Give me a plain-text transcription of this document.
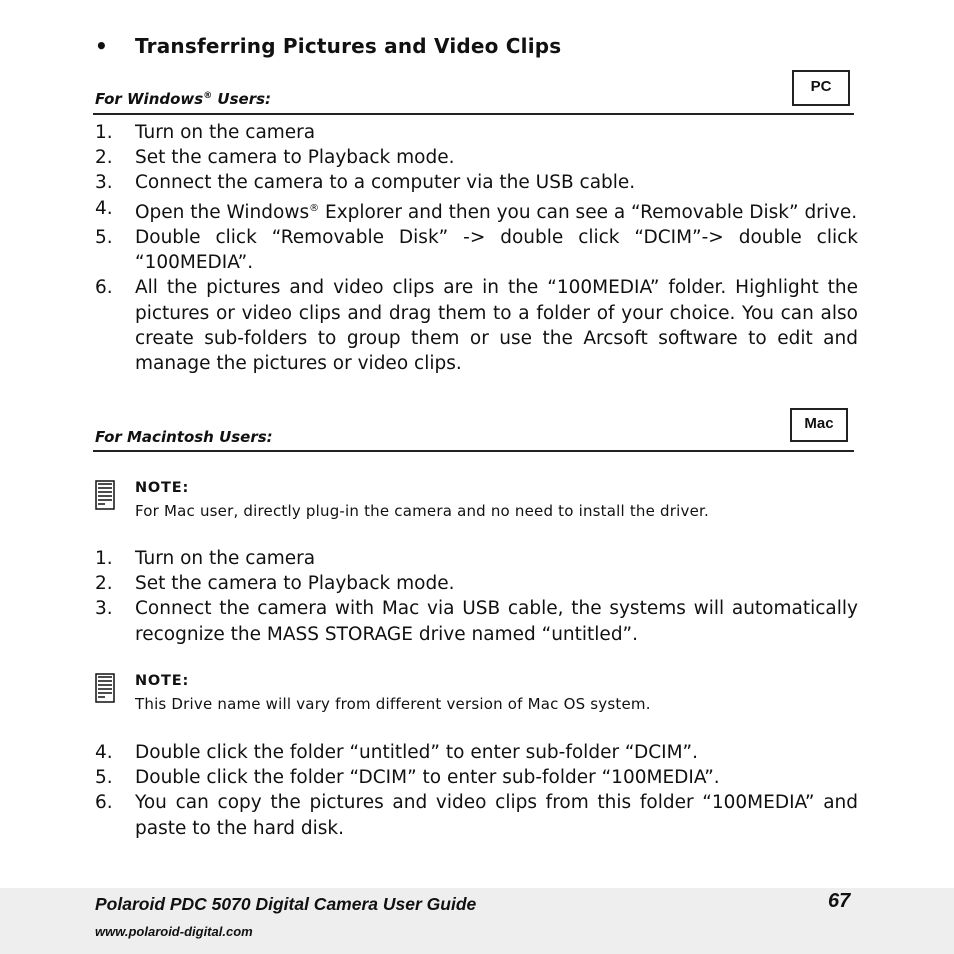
• Transferring Pictures and Video Clips
PC
For Windows® Users:
1.	Turn on the camera
2.	Set the camera to Playback mode.
3.	Connect the camera to a computer via the USB cable.
4.	Open the Windows® Explorer and then you can see a “Removable Disk” drive.
5.	Double click “Removable Disk” -> double click “DCIM”-> double click “100MEDIA”.
6.	All the pictures and video clips are in the “100MEDIA” folder. Highlight the pictures or video clips and drag them to a folder of your choice. You can also create sub-folders to group them or use the Arcsoft software to edit and manage the pictures or video clips.
Mac
For Macintosh Users:
NOTE:
For Mac user, directly plug-in the camera and no need to install the driver.
1.	Turn on the camera
2.	Set the camera to Playback mode.
3.	Connect the camera with Mac via USB cable, the systems will automatically recognize the MASS STORAGE drive named “untitled”.
NOTE:
This Drive name will vary from different version of Mac OS system.
4.	Double click the folder “untitled” to enter sub-folder “DCIM”.
5.	Double click the folder “DCIM” to enter sub-folder “100MEDIA”.
6.	You can copy the pictures and video clips from this folder “100MEDIA” and paste to the hard disk.
Polaroid PDC 5070 Digital Camera User Guide
www.polaroid-digital.com
67
